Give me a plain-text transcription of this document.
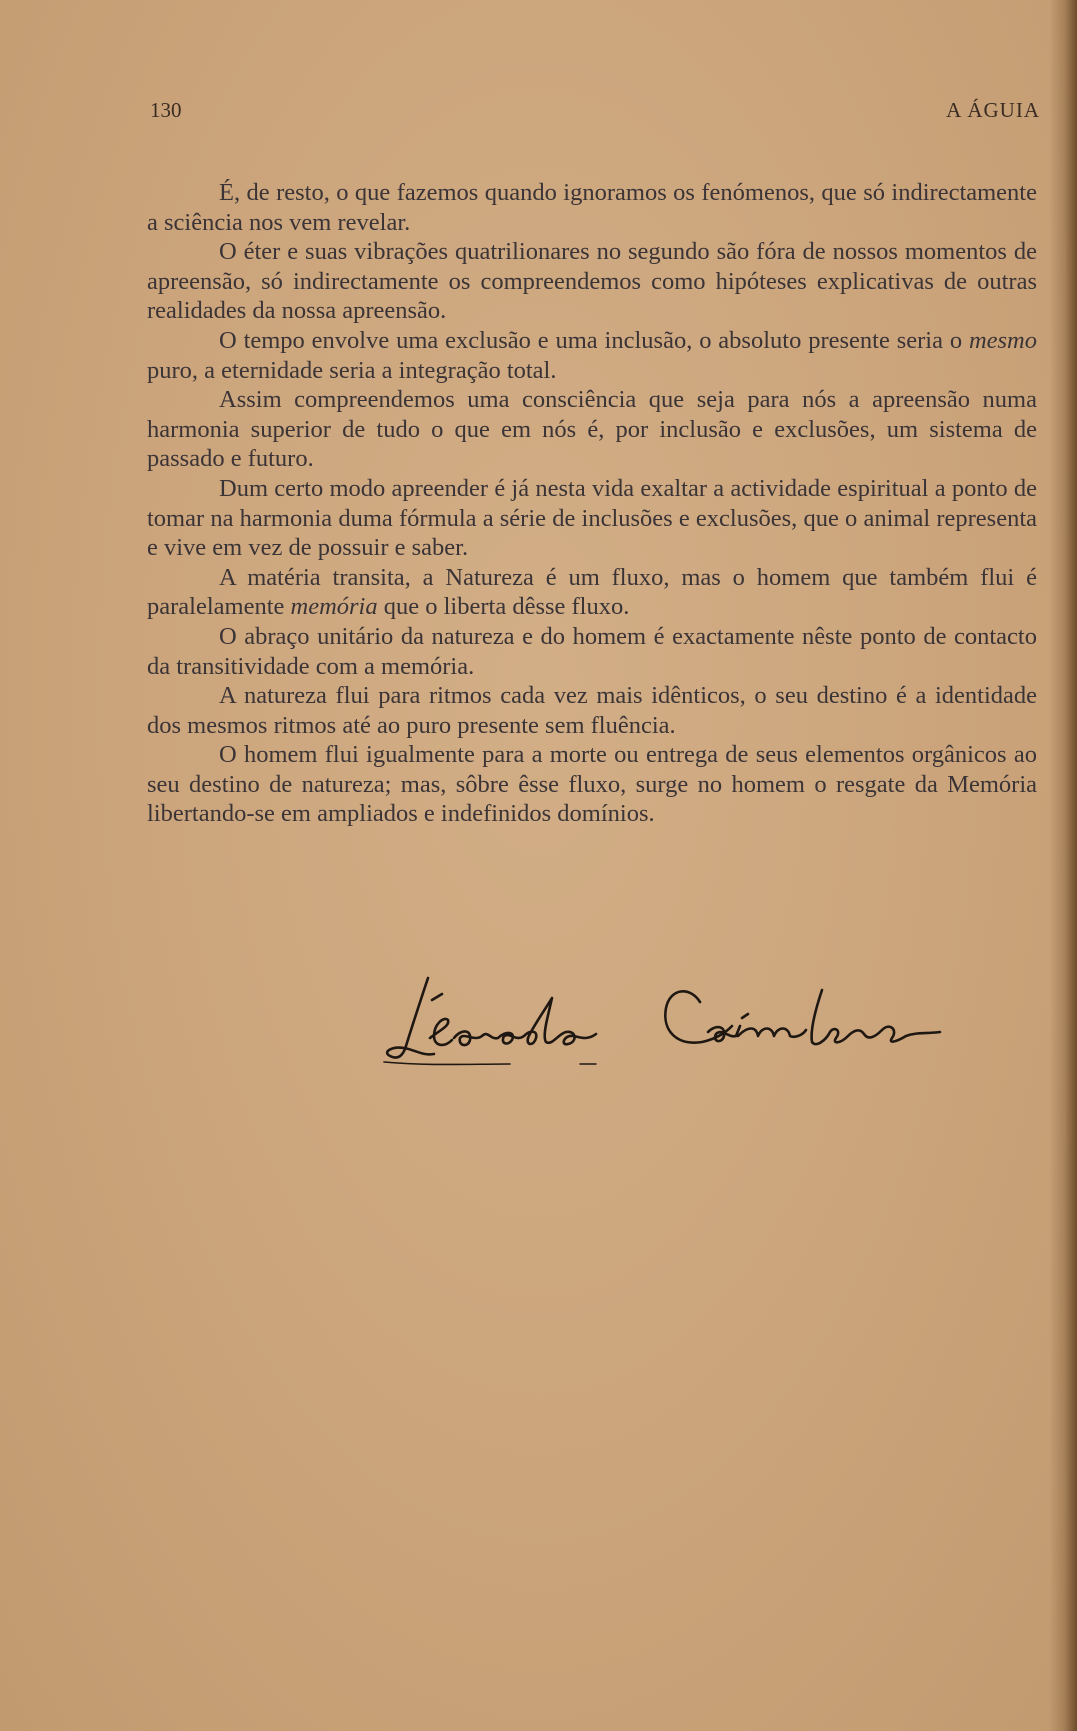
130	A ÁGUIA

É, de resto, o que fazemos quando ignoramos os fenómenos, que só indirectamente a sciência nos vem revelar.

O éter e suas vibrações quatrilionares no segundo são fóra de nossos momentos de apreensão, só indirectamente os compreendemos como hipóteses explicativas de outras realidades da nossa apreensão.

O tempo envolve uma exclusão e uma inclusão, o absoluto presente seria o mesmo puro, a eternidade seria a integração total.

Assim compreendemos uma consciência que seja para nós a apreensão numa harmonia superior de tudo o que em nós é, por inclusão e exclusões, um sistema de passado e futuro.

Dum certo modo apreender é já nesta vida exaltar a actividade espiritual a ponto de tomar na harmonia duma fórmula a série de inclusões e exclusões, que o animal representa e vive em vez de possuir e saber.

A matéria transita, a Natureza é um fluxo, mas o homem que também flui é paralelamente memória que o liberta dêsse fluxo.

O abraço unitário da natureza e do homem é exactamente nêste ponto de contacto da transitividade com a memória.

A natureza flui para ritmos cada vez mais idênticos, o seu destino é a identidade dos mesmos ritmos até ao puro presente sem fluência.

O homem flui igualmente para a morte ou entrega de seus elementos orgânicos ao seu destino de natureza; mas, sôbre êsse fluxo, surge no homem o resgate da Memória libertando-se em ampliados e indefinidos domínios.
